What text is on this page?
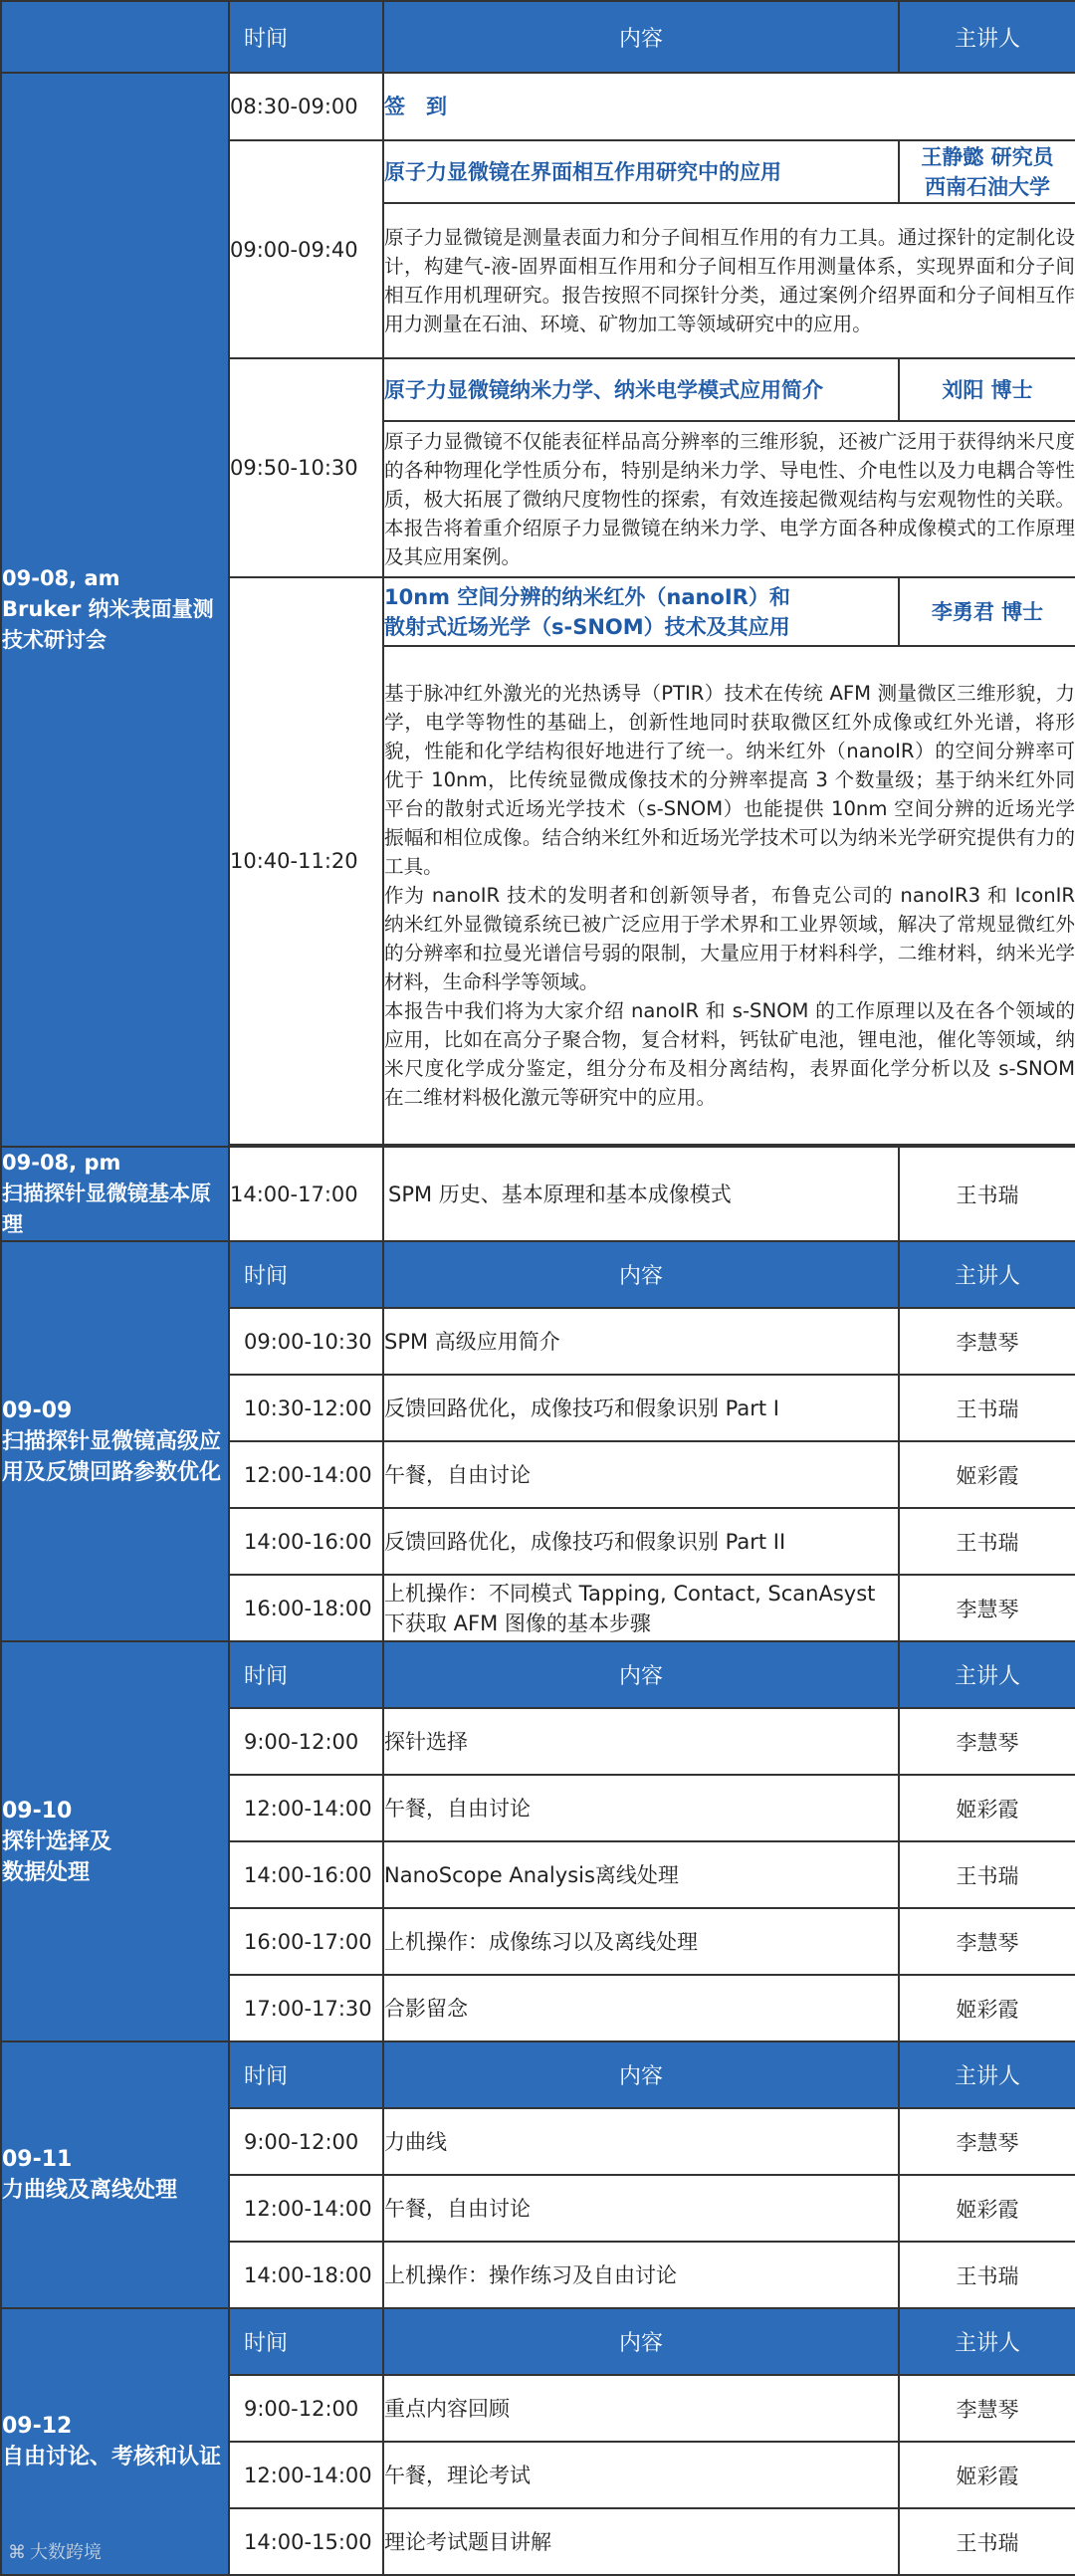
	时间	内容	主讲人

09-08, am
Bruker 纳米表面量测技术研讨会	08:30-09:00	签　到	
	09:00-09:40	原子力显微镜在界面相互作用研究中的应用	王静懿 研究员
西南石油大学

		原子力显微镜是测量表面力和分子间相互作用的有力工具。通过探针的定制化设计，构建气-液-固界面相互作用和分子间相互作用测量体系，实现界面和分子间相互作用机理研究。报告按照不同探针分类，通过案例介绍界面和分子间相互作用力测量在石油、环境、矿物加工等领域研究中的应用。	
	09:50-10:30	原子力显微镜纳米力学、纳米电学模式应用简介	刘阳 博士
		原子力显微镜不仅能表征样品高分辨率的三维形貌，还被广泛用于获得纳米尺度的各种物理化学性质分布，特别是纳米力学、导电性、介电性以及力电耦合等性质，极大拓展了微纳尺度物性的探索，有效连接起微观结构与宏观物性的关联。本报告将着重介绍原子力显微镜在纳米力学、电学方面各种成像模式的工作原理及其应用案例。	
	10:40-11:20	10nm 空间分辨的纳米红外（nanoIR）和
散射式近场光学（s-SNOM）技术及其应用	李勇君 博士

		基于脉冲红外激光的光热诱导（PTIR）技术在传统 AFM 测量微区三维形貌，力学，电学等物性的基础上，创新性地同时获取微区红外成像或红外光谱，将形貌，性能和化学结构很好地进行了统一。纳米红外（nanoIR）的空间分辨率可优于 10nm，比传统显微成像技术的分辨率提高 3 个数量级；基于纳米红外同平台的散射式近场光学技术（s-SNOM）也能提供 10nm 空间分辨的近场光学振幅和相位成像。结合纳米红外和近场光学技术可以为纳米光学研究提供有力的工具。
作为 nanoIR 技术的发明者和创新领导者，布鲁克公司的 nanoIR3 和 IconIR 纳米红外显微镜系统已被广泛应用于学术界和工业界领域，解决了常规显微红外的分辨率和拉曼光谱信号弱的限制，大量应用于材料科学，二维材料，纳米光学材料，生命科学等领域。
本报告中我们将为大家介绍 nanoIR 和 s-SNOM 的工作原理以及在各个领域的应用，比如在高分子聚合物，复合材料，钙钛矿电池，锂电池，催化等领域，纳米尺度化学成分鉴定，组分分布及相分离结构，表界面化学分析以及 s-SNOM 在二维材料极化激元等研究中的应用。	

09-08, pm
扫描探针显微镜基本原理	14:00-17:00	SPM 历史、基本原理和基本成像模式	王书瑞

09-09
扫描探针显微镜高级应用及反馈回路参数优化	时间	内容	主讲人
	09:00-10:30	SPM 高级应用简介	李慧琴
	10:30-12:00	反馈回路优化，成像技巧和假象识别 Part I	王书瑞
	12:00-14:00	午餐，自由讨论	姬彩霞
	14:00-16:00	反馈回路优化，成像技巧和假象识别 Part II	王书瑞
	16:00-18:00	上机操作：不同模式 Tapping, Contact, ScanAsyst 下获取 AFM 图像的基本步骤	李慧琴

09-10
探针选择及
数据处理	时间	内容	主讲人
	9:00-12:00	探针选择	李慧琴
	12:00-14:00	午餐，自由讨论	姬彩霞
	14:00-16:00	NanoScope Analysis离线处理	王书瑞
	16:00-17:00	上机操作：成像练习以及离线处理	李慧琴
	17:00-17:30	合影留念	姬彩霞

09-11
力曲线及离线处理	时间	内容	主讲人
	9:00-12:00	力曲线	李慧琴
	12:00-14:00	午餐，自由讨论	姬彩霞
	14:00-18:00	上机操作：操作练习及自由讨论	王书瑞

09-12
自由讨论、考核和认证	时间	内容	主讲人
	9:00-12:00	重点内容回顾	李慧琴
	12:00-14:00	午餐，理论考试	姬彩霞
	14:00-15:00	理论考试题目讲解	王书瑞
⌘ 大数跨境
